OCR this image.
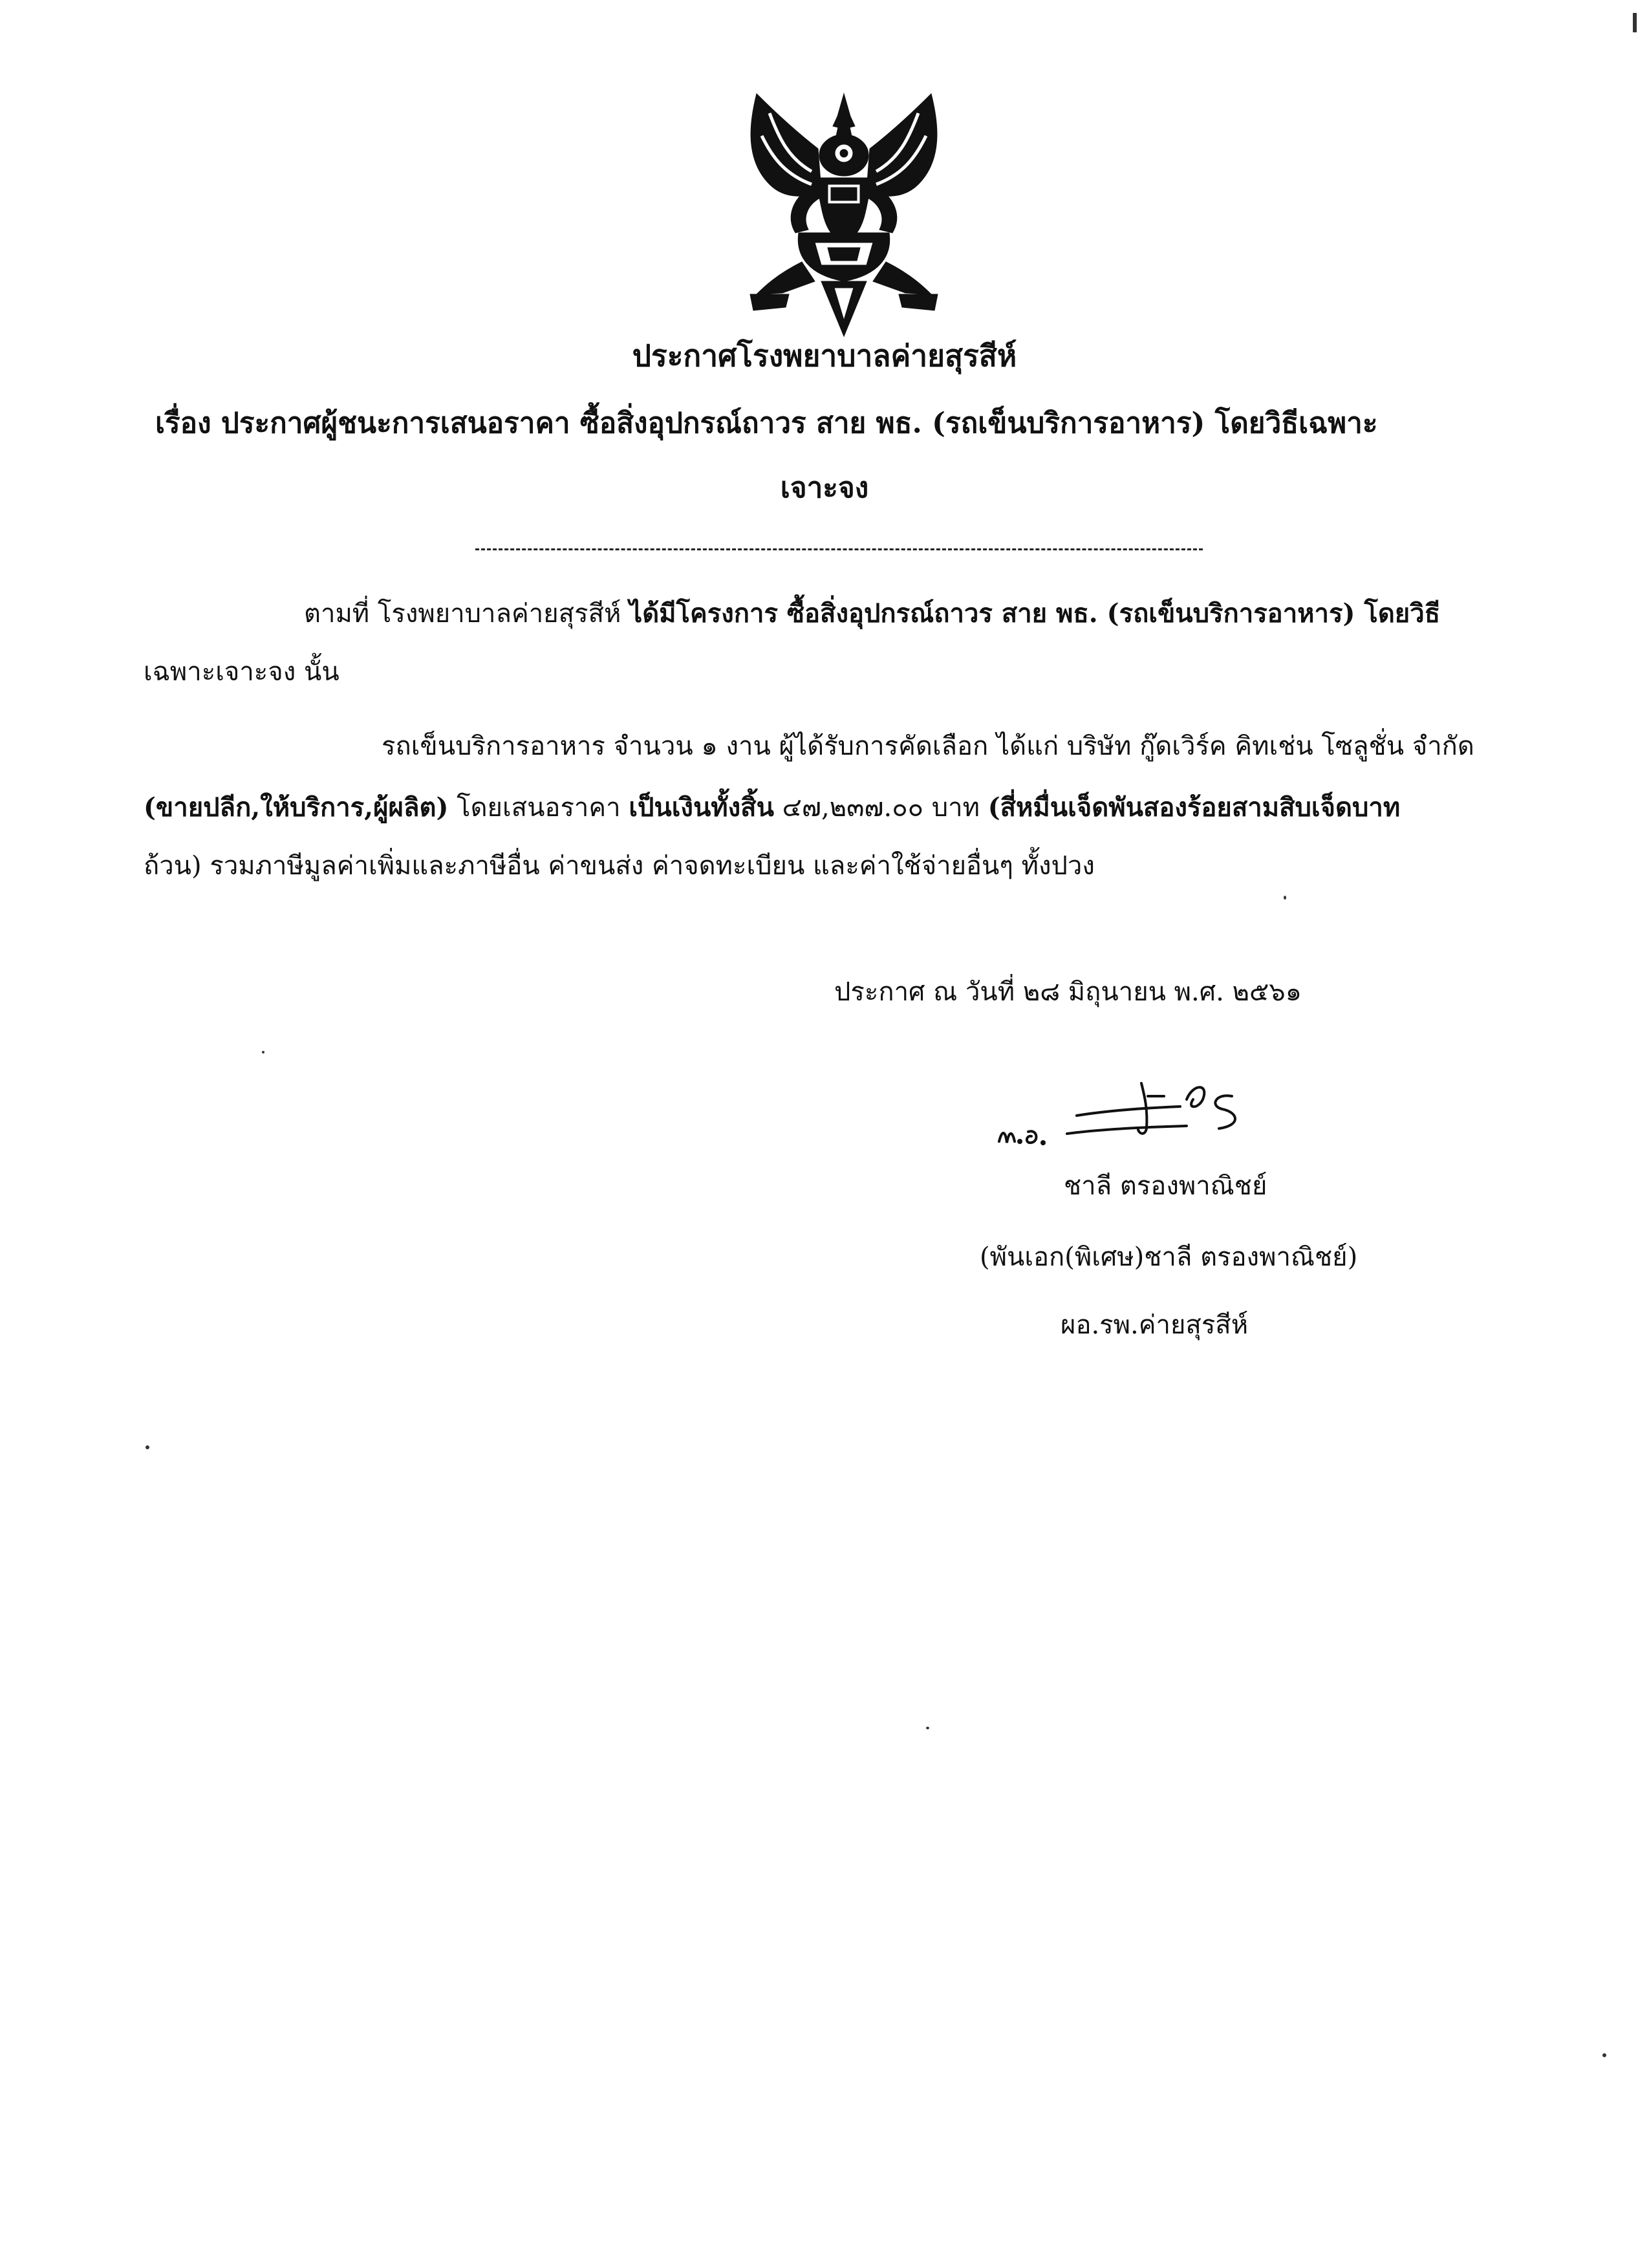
ประกาศโรงพยาบาลค่ายสุรสีห์
เรื่อง ประกาศผู้ชนะการเสนอราคา ซื้อสิ่งอุปกรณ์ถาวร สาย พธ. (รถเข็นบริการอาหาร) โดยวิธีเฉพาะ
เจาะจง
ตามที่ โรงพยาบาลค่ายสุรสีห์ ได้มีโครงการ ซื้อสิ่งอุปกรณ์ถาวร สาย พธ. (รถเข็นบริการอาหาร) โดยวิธี
เฉพาะเจาะจง นั้น
รถเข็นบริการอาหาร จำนวน ๑ งาน ผู้ได้รับการคัดเลือก ได้แก่ บริษัท กู๊ดเวิร์ค คิทเช่น โซลูชั่น จำกัด
(ขายปลีก,ให้บริการ,ผู้ผลิต) โดยเสนอราคา เป็นเงินทั้งสิ้น ๔๗,๒๓๗.๐๐ บาท (สี่หมื่นเจ็ดพันสองร้อยสามสิบเจ็ดบาท
ถ้วน) รวมภาษีมูลค่าเพิ่มและภาษีอื่น ค่าขนส่ง ค่าจดทะเบียน และค่าใช้จ่ายอื่นๆ ทั้งปวง
ประกาศ ณ วันที่ ๒๘ มิถุนายน พ.ศ. ๒๕๖๑
ชาลี ตรองพาณิชย์
(พันเอก(พิเศษ)ชาลี ตรองพาณิชย์)
ผอ.รพ.ค่ายสุรสีห์
